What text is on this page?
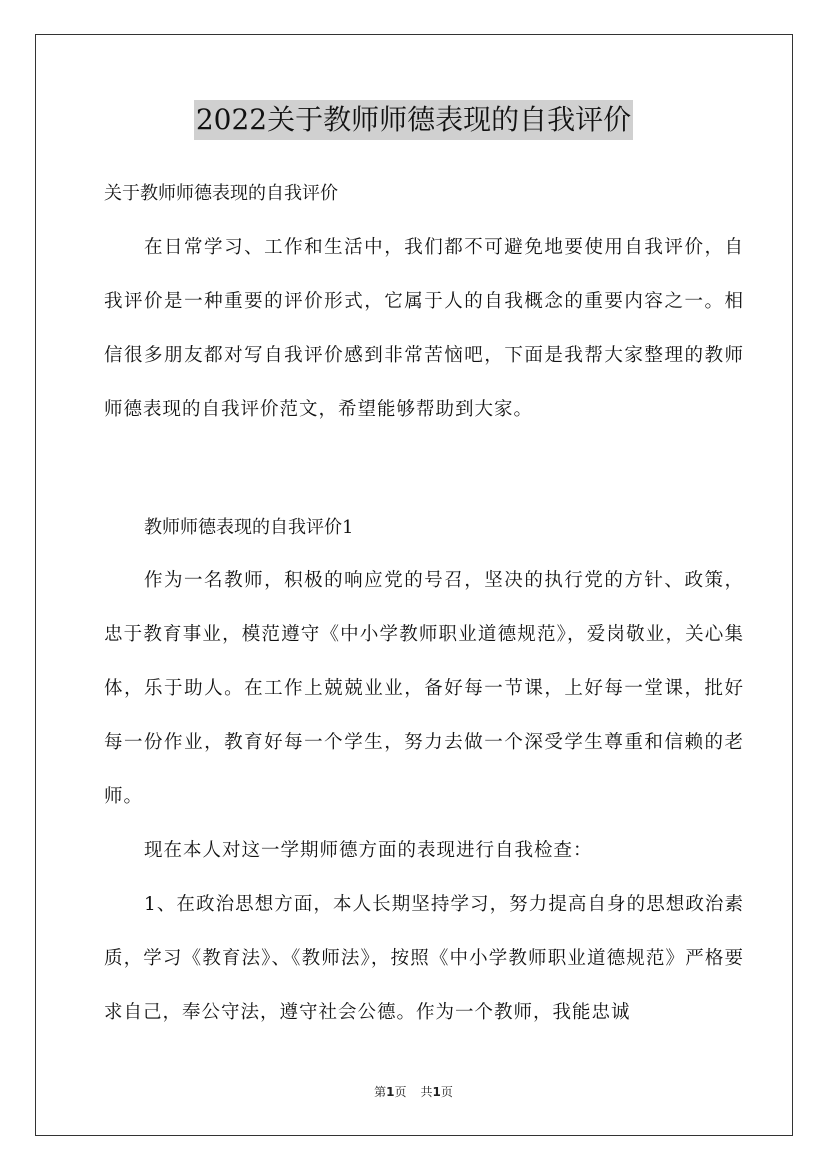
2022关于教师师德表现的自我评价

关于教师师德表现的自我评价

在日常学习、工作和生活中，我们都不可避免地要使用自我评价，自我评价是一种重要的评价形式，它属于人的自我概念的重要内容之一。相信很多朋友都对写自我评价感到非常苦恼吧，下面是我帮大家整理的教师师德表现的自我评价范文，希望能够帮助到大家。

教师师德表现的自我评价1

作为一名教师，积极的响应党的号召，坚决的执行党的方针、政策，忠于教育事业，模范遵守《中小学教师职业道德规范》，爱岗敬业，关心集体，乐于助人。在工作上兢兢业业，备好每一节课，上好每一堂课，批好每一份作业，教育好每一个学生，努力去做一个深受学生尊重和信赖的老师。

现在本人对这一学期师德方面的表现进行自我检查：

1、在政治思想方面，本人长期坚持学习，努力提高自身的思想政治素质，学习《教育法》、《教师法》，按照《中小学教师职业道德规范》严格要求自己，奉公守法，遵守社会公德。作为一个教师，我能忠诚

第1页 共1页
